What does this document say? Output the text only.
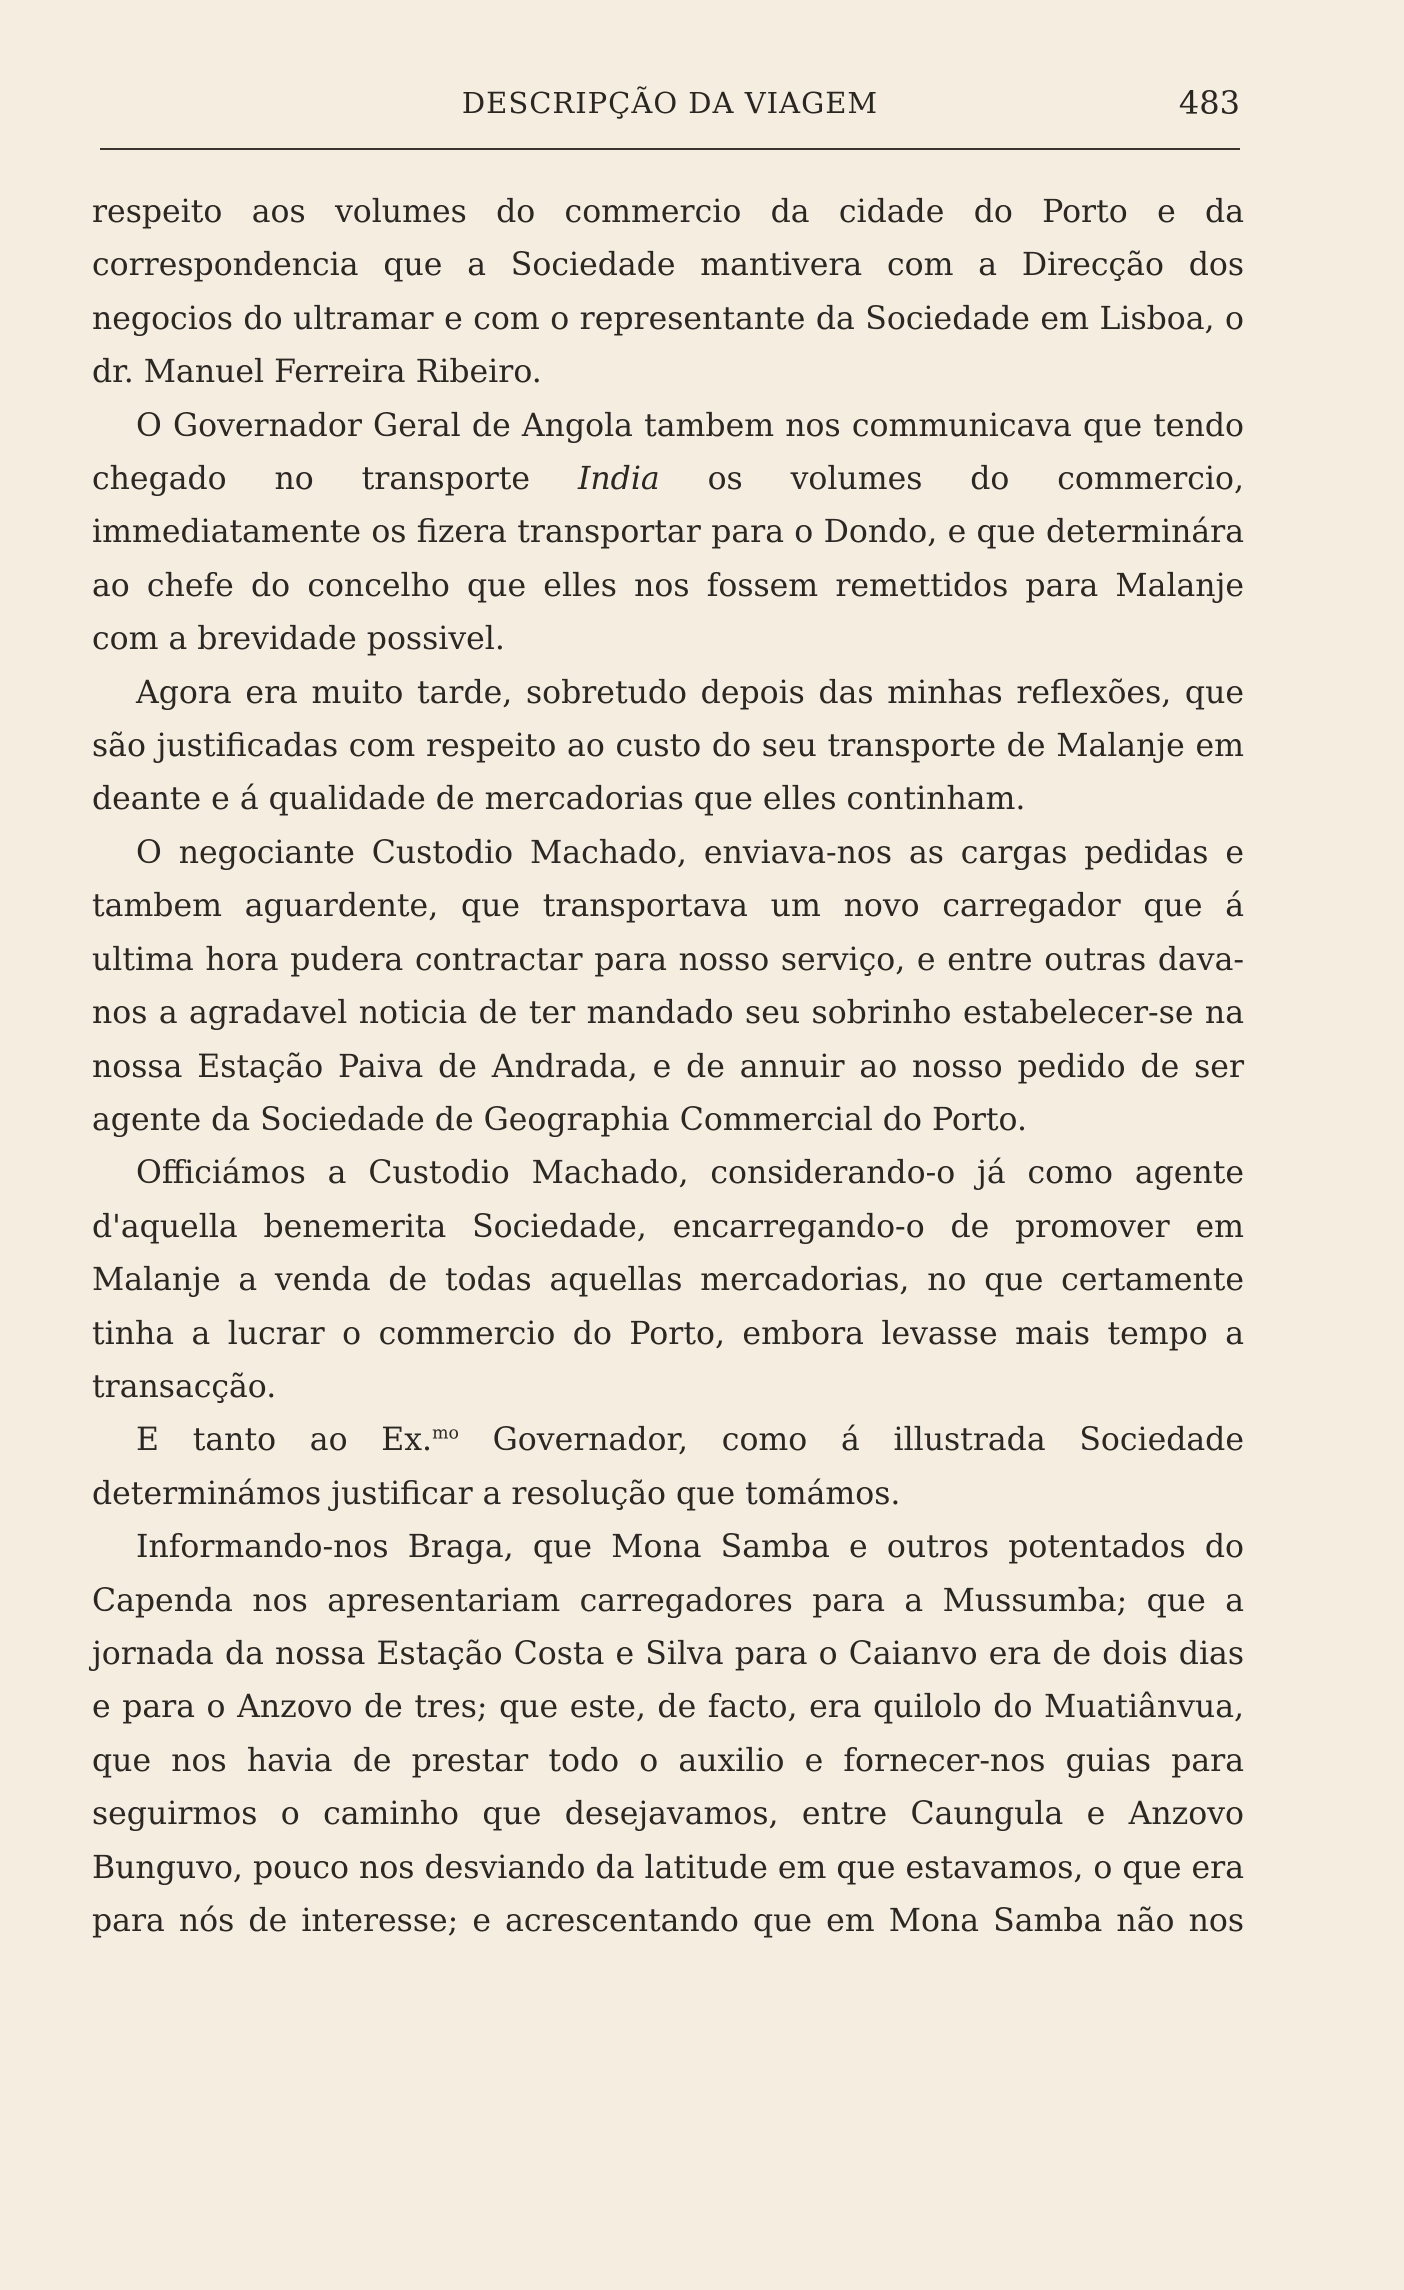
DESCRIPÇÃO DA VIAGEM	483

respeito aos volumes do commercio da cidade do Porto e da correspondencia que a Sociedade mantivera com a Direcção dos negocios do ultramar e com o representante da Sociedade em Lisboa, o dr. Manuel Ferreira Ribeiro.

O Governador Geral de Angola tambem nos communicava que tendo chegado no transporte India os volumes do commercio, immediatamente os fizera transportar para o Dondo, e que determinára ao chefe do concelho que elles nos fossem remettidos para Malanje com a brevidade possivel.

Agora era muito tarde, sobretudo depois das minhas reflexões, que são justificadas com respeito ao custo do seu transporte de Malanje em deante e á qualidade de mercadorias que elles continham.

O negociante Custodio Machado, enviava-nos as cargas pedidas e tambem aguardente, que transportava um novo carregador que á ultima hora pudera contractar para nosso serviço, e entre outras dava-nos a agradavel noticia de ter mandado seu sobrinho estabelecer-se na nossa Estação Paiva de Andrada, e de annuir ao nosso pedido de ser agente da Sociedade de Geographia Commercial do Porto.

Officiámos a Custodio Machado, considerando-o já como agente d'aquella benemerita Sociedade, encarregando-o de promover em Malanje a venda de todas aquellas mercadorias, no que certamente tinha a lucrar o commercio do Porto, embora levasse mais tempo a transacção.

E tanto ao Ex.$^{mo}$ Governador, como á illustrada Sociedade determinámos justificar a resolução que tomámos.

Informando-nos Braga, que Mona Samba e outros potentados do Capenda nos apresentariam carregadores para a Mussumba; que a jornada da nossa Estação Costa e Silva para o Caianvo era de dois dias e para o Anzovo de tres; que este, de facto, era quilolo do Muatiânvua, que nos havia de prestar todo o auxilio e fornecer-nos guias para seguirmos o caminho que desejavamos, entre Caungula e Anzovo Bunguvo, pouco nos desviando da latitude em que estavamos, o que era para nós de interesse; e acrescentando que em Mona Samba não nos
